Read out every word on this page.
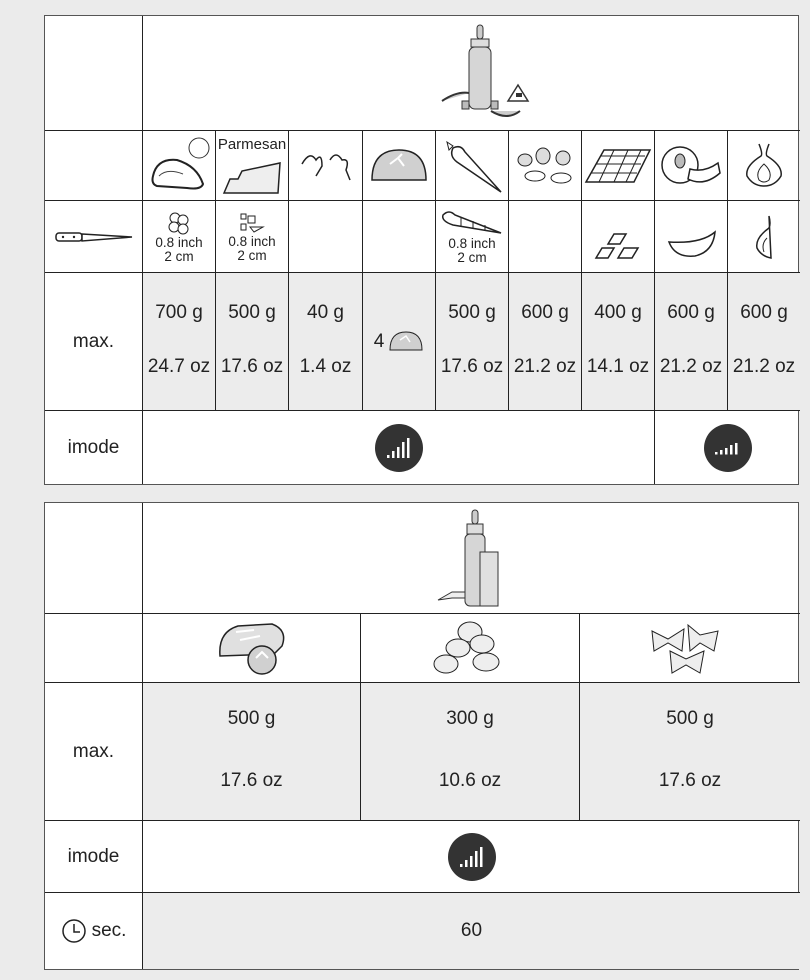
Parmesan
0.8 inch
2 cm
0.8 inch
2 cm
0.8 inch
2 cm
max.
700 g
24.7 oz
500 g
17.6 oz
40 g
1.4 oz
4
500 g
17.6 oz
600 g
21.2 oz
400 g
14.1 oz
600 g
21.2 oz
600 g
21.2 oz
imode
max.
500 g
17.6 oz
300 g
10.6 oz
500 g
17.6 oz
imode
sec.	60
